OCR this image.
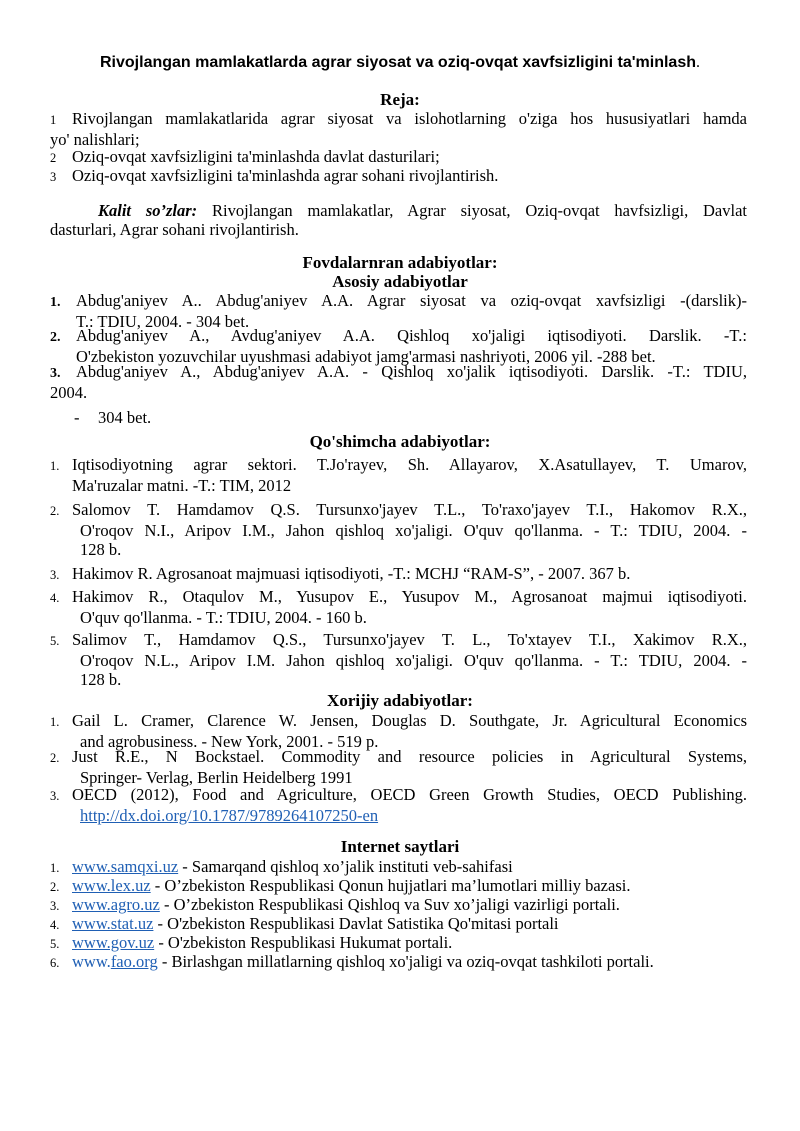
Rivojlangan mamlakatlarda agrar siyosat va oziq-ovqat xavfsizligini ta'minlash.
Reja:
1 Rivojlangan mamlakatlarida agrar siyosat va islohotlarning o'ziga hos hususiyatlari hamda
yo' nalishlari;
2 Oziq-ovqat xavfsizligini ta'minlashda davlat dasturilari;
3 Oziq-ovqat xavfsizligini ta'minlashda agrar sohani rivojlantirish.
Kalit so’zlar: Rivojlangan mamlakatlar, Agrar siyosat, Oziq-ovqat havfsizligi, Davlat
dasturlari, Agrar sohani rivojlantirish.
Fovdalarnran adabiyotlar:
Asosiy adabiyotlar
1. Abdug'aniyev A.. Abdug'aniyev A.A. Agrar siyosat va oziq-ovqat xavfsizligi -(darslik)-
T.: TDIU, 2004. - 304 bet.
2. Abdug'aniyev A., Avdug'aniyev A.A. Qishloq xo'jaligi iqtisodiyoti. Darslik. -T.:
O'zbekiston yozuvchilar uyushmasi adabiyot jamg'armasi nashriyoti, 2006 yil. -288 bet.
3. Abdug'aniyev A., Abdug'aniyev A.A. - Qishloq xo'jalik iqtisodiyoti. Darslik. -T.: TDIU,
2004.
- 304 bet.
Qo'shimcha adabiyotlar:
1. Iqtisodiyotning agrar sektori. T.Jo'rayev, Sh. Allayarov, X.Asatullayev, T. Umarov,
Ma'ruzalar matni. -T.: TIM, 2012
2. Salomov T. Hamdamov Q.S. Tursunxo'jayev T.L., To'raxo'jayev T.I., Hakomov R.X.,
O'roqov N.I., Aripov I.M., Jahon qishloq xo'jaligi. O'quv qo'llanma. - T.: TDIU, 2004. -
128 b.
3. Hakimov R. Agrosanoat majmuasi iqtisodiyoti, -T.: MCHJ “RAM-S”, - 2007. 367 b.
4. Hakimov R., Otaqulov M., Yusupov E., Yusupov M., Agrosanoat majmui iqtisodiyoti.
O'quv qo'llanma. - T.: TDIU, 2004. - 160 b.
5. Salimov T., Hamdamov Q.S., Tursunxo'jayev T. L., To'xtayev T.I., Xakimov R.X.,
O'roqov N.L., Aripov I.M. Jahon qishloq xo'jaligi. O'quv qo'llanma. - T.: TDIU, 2004. -
128 b.
Xorijiy adabiyotlar:
1. Gail L. Cramer, Clarence W. Jensen, Douglas D. Southgate, Jr. Agricultural Economics
and agrobusiness. - New York, 2001. - 519 p.
2. Just R.E., N Bockstael. Commodity and resource policies in Agricultural Systems,
Springer- Verlag, Berlin Heidelberg 1991
3. OECD (2012), Food and Agriculture, OECD Green Growth Studies, OECD Publishing.
http://dx.doi.org/10.1787/9789264107250-en
Internet saytlari
1. www.samqxi.uz - Samarqand qishloq xo’jalik instituti veb-sahifasi
2. www.lex.uz - O’zbekiston Respublikasi Qonun hujjatlari ma’lumotlari milliy bazasi.
3. www.agro.uz - O’zbekiston Respublikasi Qishloq va Suv xo’jaligi vazirligi portali.
4. www.stat.uz - O'zbekiston Respublikasi Davlat Satistika Qo'mitasi portali
5. www.gov.uz - O'zbekiston Respublikasi Hukumat portali.
6. www.fao.org - Birlashgan millatlarning qishloq xo'jaligi va oziq-ovqat tashkiloti portali.
